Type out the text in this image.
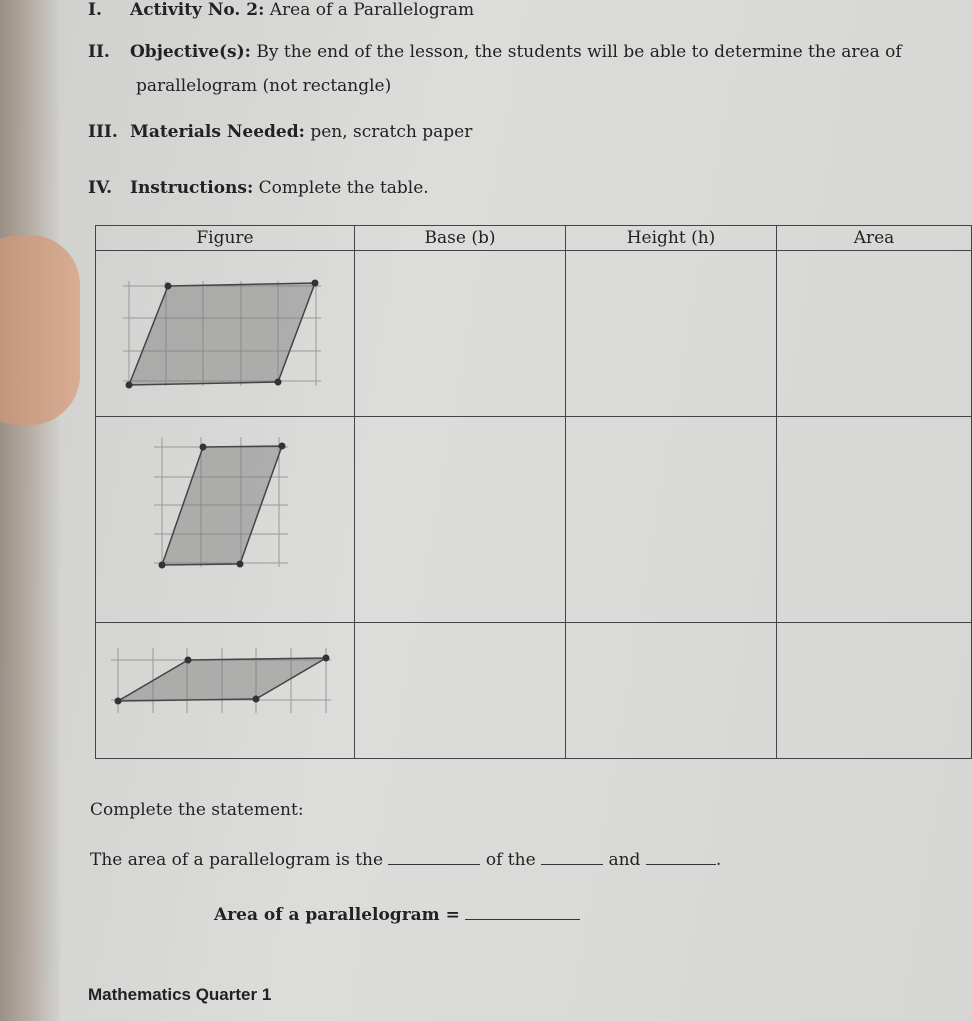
I. Activity No. 2: Area of a Parallelogram
II. Objective(s): By the end of the lesson, the students will be able to determine the area of
parallelogram (not rectangle)
III. Materials Needed: pen, scratch paper
IV. Instructions: Complete the table.
Figure	Base (b)	Height (h)	Area

Complete the statement:
The area of a parallelogram is the	of the	and	.
Area of a parallelogram =
Mathematics Quarter 1
